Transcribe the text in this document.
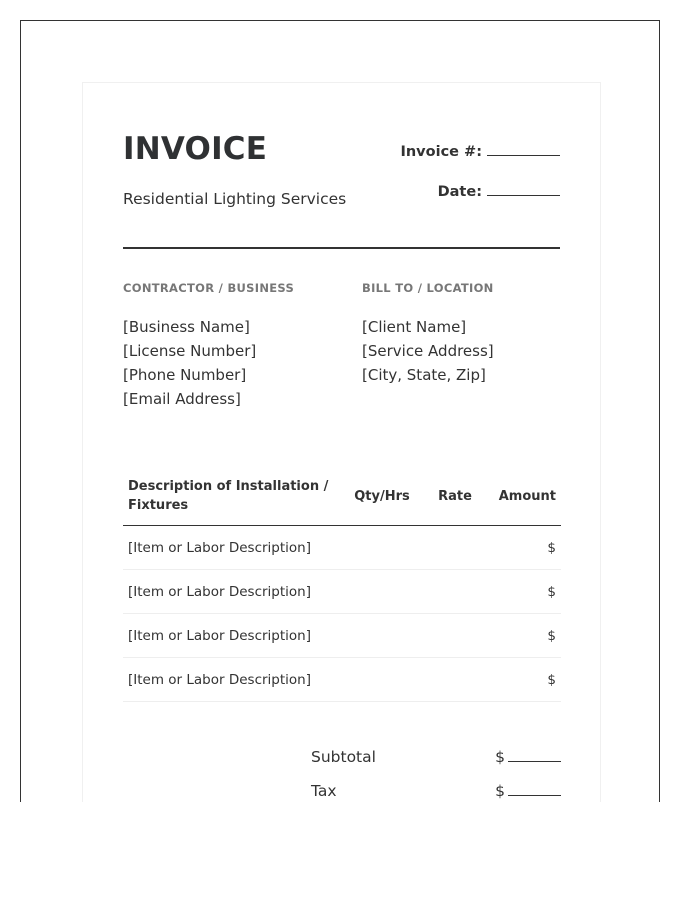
INVOICE
Residential Lighting Services
Invoice #:
Date:
CONTRACTOR / BUSINESS
[Business Name]
[License Number]
[Phone Number]
[Email Address]
BILL TO / LOCATION
[Client Name]
[Service Address]
[City, State, Zip]
Description of Installation / Fixtures	Qty/Hrs	Rate	Amount
[Item or Labor Description]			$
[Item or Labor Description]			$
[Item or Labor Description]			$
[Item or Labor Description]			$
Subtotal	$
Tax	$
